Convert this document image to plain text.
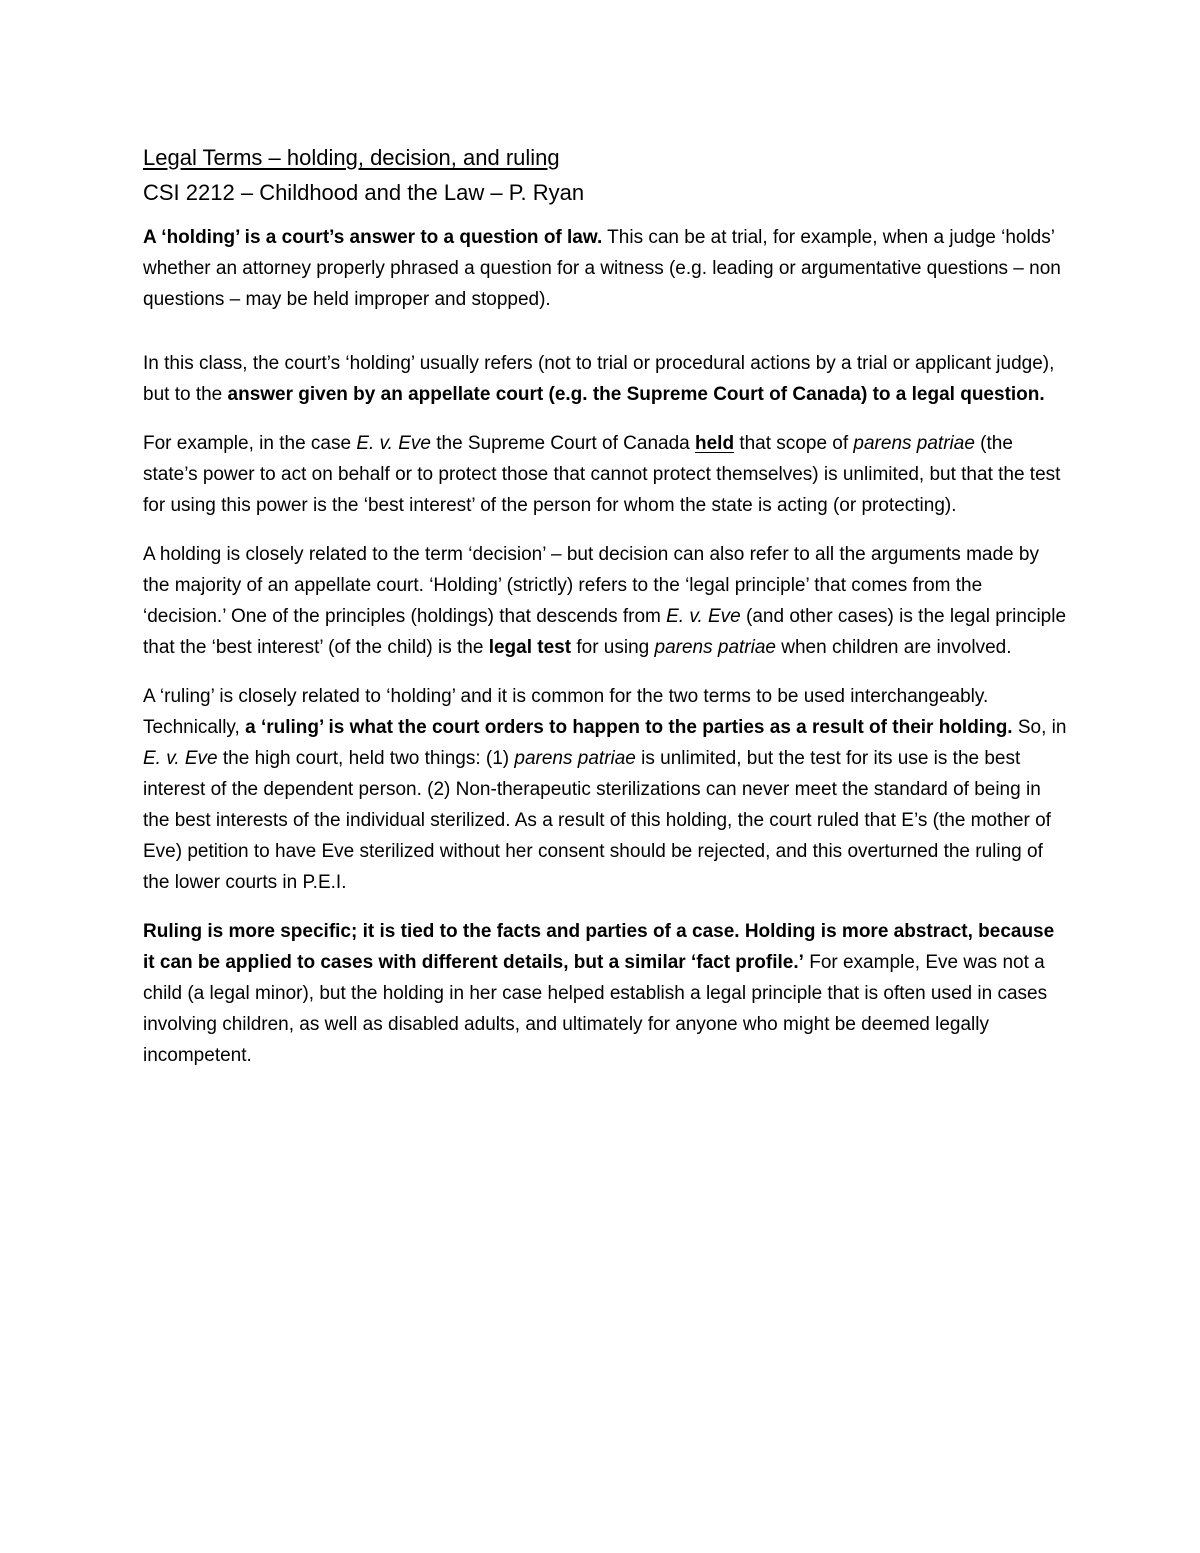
Legal Terms – holding, decision, and ruling
CSI 2212 – Childhood and the Law – P. Ryan

A ‘holding’ is a court’s answer to a question of law. This can be at trial, for example, when a judge ‘holds’ whether an attorney properly phrased a question for a witness (e.g. leading or argumentative questions – non questions – may be held improper and stopped).

In this class, the court’s ‘holding’ usually refers (not to trial or procedural actions by a trial or applicant judge), but to the answer given by an appellate court (e.g. the Supreme Court of Canada) to a legal question.

For example, in the case E. v. Eve the Supreme Court of Canada held that scope of parens patriae (the state’s power to act on behalf or to protect those that cannot protect themselves) is unlimited, but that the test for using this power is the ‘best interest’ of the person for whom the state is acting (or protecting).

A holding is closely related to the term ‘decision’ – but decision can also refer to all the arguments made by the majority of an appellate court. ‘Holding’ (strictly) refers to the ‘legal principle’ that comes from the ‘decision.’ One of the principles (holdings) that descends from E. v. Eve (and other cases) is the legal principle that the ‘best interest’ (of the child) is the legal test for using parens patriae when children are involved.

A ‘ruling’ is closely related to ‘holding’ and it is common for the two terms to be used interchangeably. Technically, a ‘ruling’ is what the court orders to happen to the parties as a result of their holding. So, in E. v. Eve the high court, held two things: (1) parens patriae is unlimited, but the test for its use is the best interest of the dependent person. (2) Non-therapeutic sterilizations can never meet the standard of being in the best interests of the individual sterilized. As a result of this holding, the court ruled that E’s (the mother of Eve) petition to have Eve sterilized without her consent should be rejected, and this overturned the ruling of the lower courts in P.E.I.

Ruling is more specific; it is tied to the facts and parties of a case. Holding is more abstract, because it can be applied to cases with different details, but a similar ‘fact profile.’ For example, Eve was not a child (a legal minor), but the holding in her case helped establish a legal principle that is often used in cases involving children, as well as disabled adults, and ultimately for anyone who might be deemed legally incompetent.
